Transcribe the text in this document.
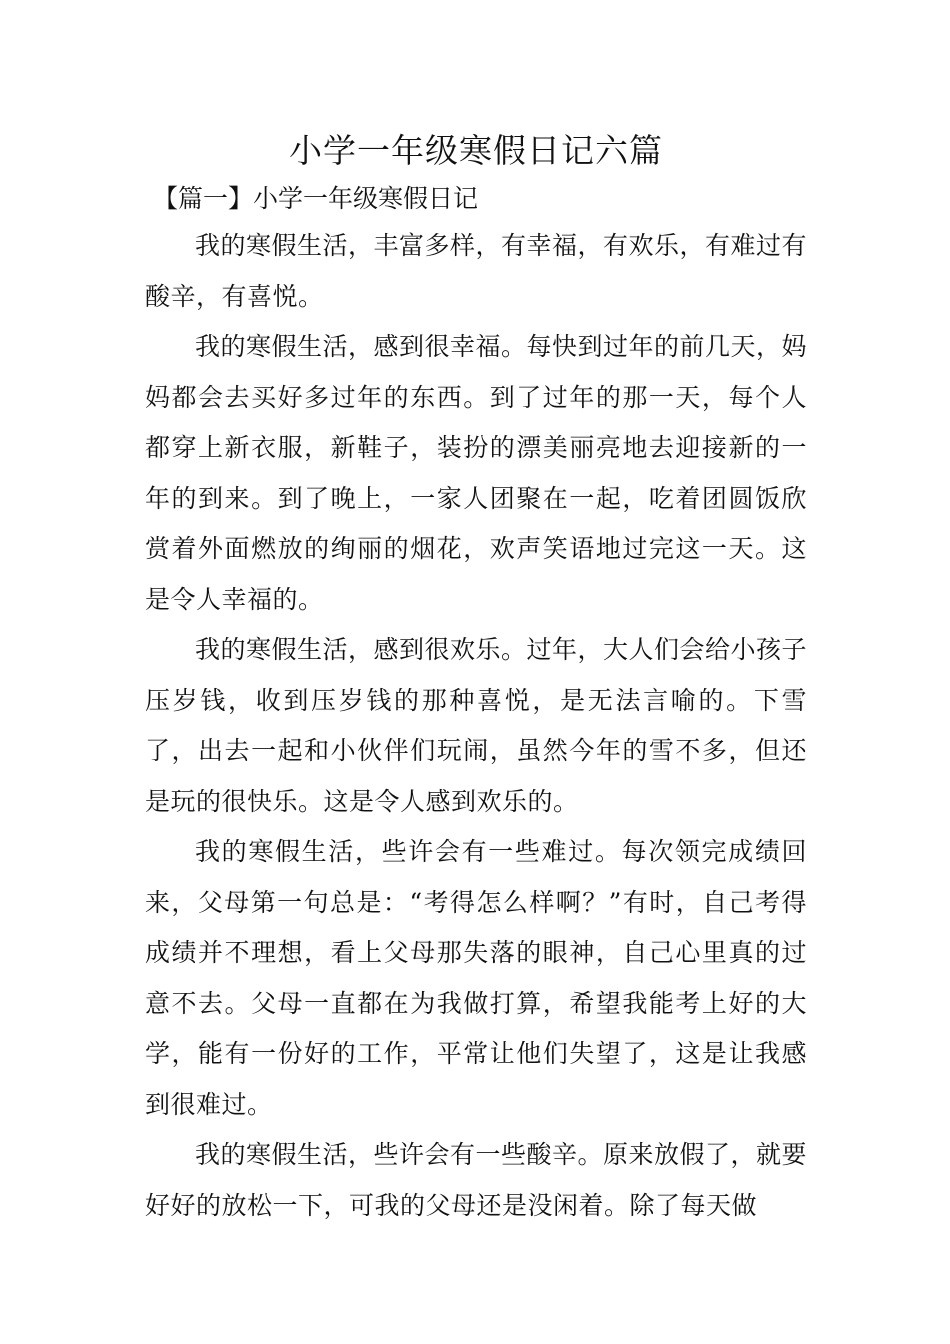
小学一年级寒假日记六篇
【篇一】小学一年级寒假日记

我的寒假生活，丰富多样，有幸福，有欢乐，有难过有酸辛，有喜悦。

我的寒假生活，感到很幸福。每快到过年的前几天，妈妈都会去买好多过年的东西。到了过年的那一天，每个人都穿上新衣服，新鞋子，装扮的漂美丽亮地去迎接新的一年的到来。到了晚上，一家人团聚在一起，吃着团圆饭欣赏着外面燃放的绚丽的烟花，欢声笑语地过完这一天。这是令人幸福的。

我的寒假生活，感到很欢乐。过年，大人们会给小孩子压岁钱，收到压岁钱的那种喜悦，是无法言喻的。下雪了，出去一起和小伙伴们玩闹，虽然今年的雪不多，但还是玩的很快乐。这是令人感到欢乐的。

我的寒假生活，些许会有一些难过。每次领完成绩回来，父母第一句总是：“考得怎么样啊？”有时，自己考得成绩并不理想，看上父母那失落的眼神，自己心里真的过意不去。父母一直都在为我做打算，希望我能考上好的大学，能有一份好的工作，平常让他们失望了，这是让我感到很难过。

我的寒假生活，些许会有一些酸辛。原来放假了，就要好好的放松一下，可我的父母还是没闲着。除了每天做
